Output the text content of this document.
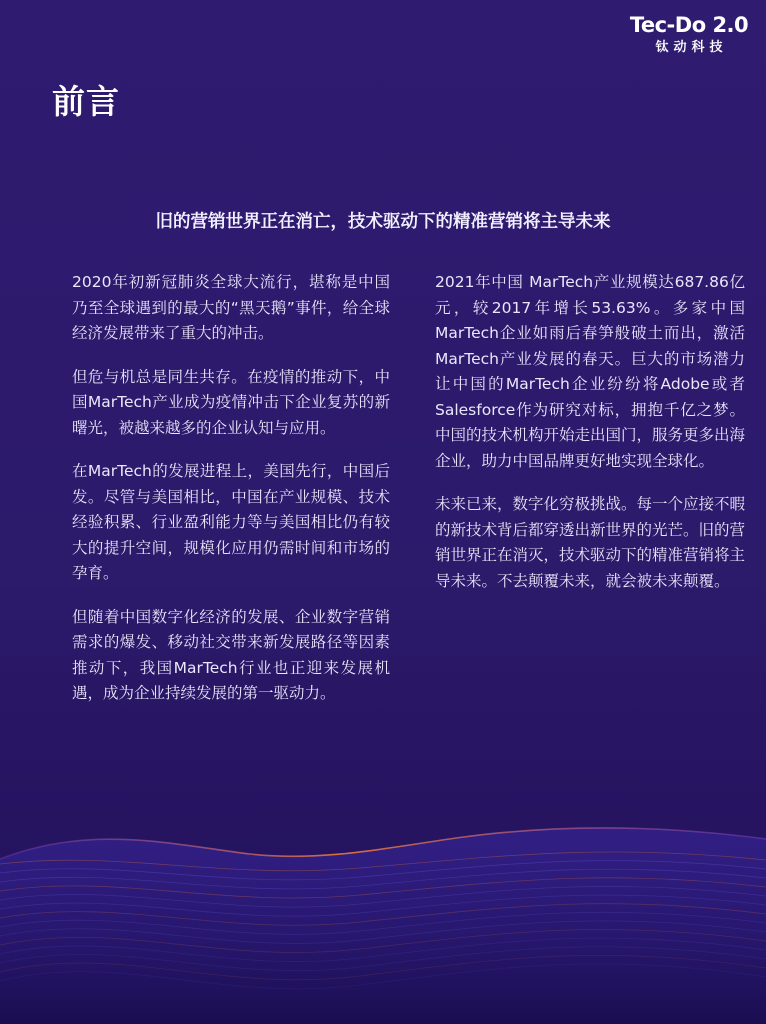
Tec-Do 2.0
钛动科技
前言
旧的营销世界正在消亡，技术驱动下的精准营销将主导未来

2020年初新冠肺炎全球大流行，堪称是中国乃至全球遇到的最大的“黑天鹅”事件，给全球经济发展带来了重大的冲击。

但危与机总是同生共存。在疫情的推动下，中国MarTech产业成为疫情冲击下企业复苏的新曙光，被越来越多的企业认知与应用。

在MarTech的发展进程上，美国先行，中国后发。尽管与美国相比，中国在产业规模、技术经验积累、行业盈利能力等与美国相比仍有较大的提升空间，规模化应用仍需时间和市场的孕育。

但随着中国数字化经济的发展、企业数字营销需求的爆发、移动社交带来新发展路径等因素推动下，我国MarTech行业也正迎来发展机遇，成为企业持续发展的第一驱动力。

2021年中国 MarTech产业规模达687.86亿元，较2017年增长53.63%。多家中国MarTech企业如雨后春笋般破土而出，激活MarTech产业发展的春天。巨大的市场潜力让中国的MarTech企业纷纷将Adobe或者Salesforce作为研究对标，拥抱千亿之梦。中国的技术机构开始走出国门，服务更多出海企业，助力中国品牌更好地实现全球化。

未来已来，数字化穷极挑战。每一个应接不暇的新技术背后都穿透出新世界的光芒。旧的营销世界正在消灭，技术驱动下的精准营销将主导未来。不去颠覆未来，就会被未来颠覆。
